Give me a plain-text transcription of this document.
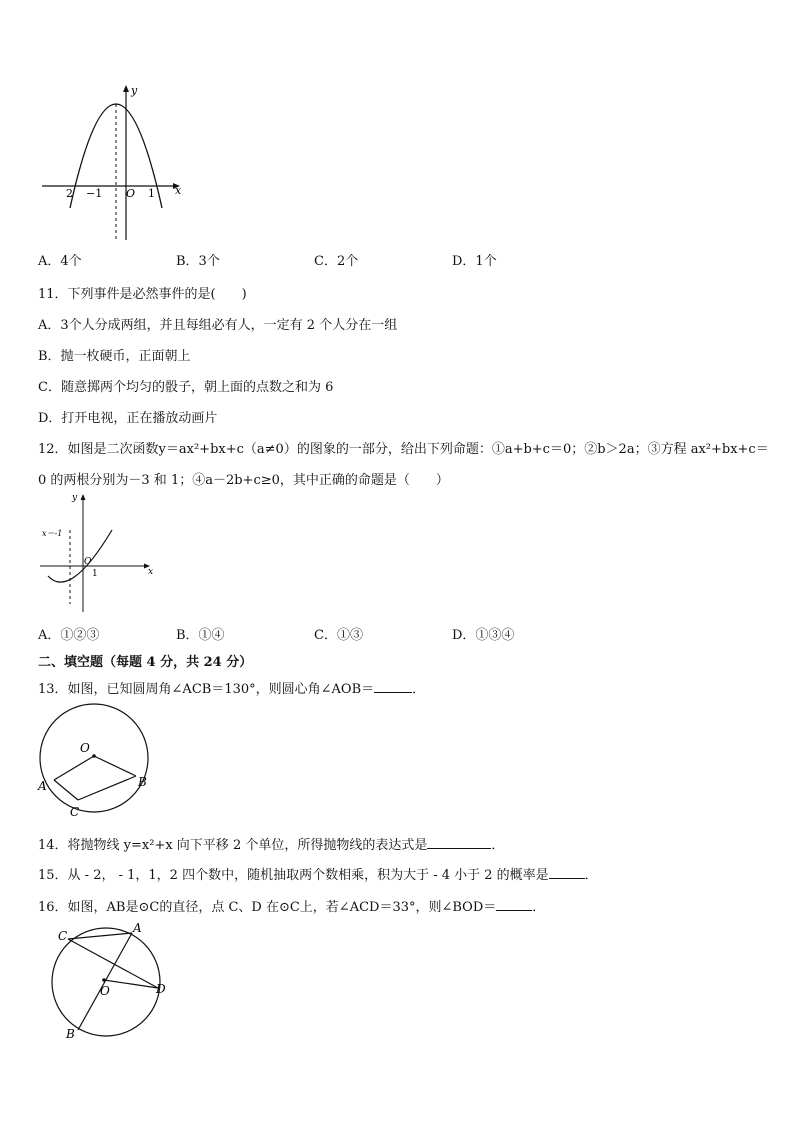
y
x
O
2 −1	1
A．4个	B．3个	C．2个	D．1个
11．下列事件是必然事件的是(　　)
A．3个人分成两组，并且每组必有人，一定有 2 个人分在一组
B．抛一枚硬币，正面朝上
C．随意掷两个均匀的骰子，朝上面的点数之和为 6
D．打开电视，正在播放动画片
12．如图是二次函数y＝ax²+bx+c（a≠0）的图象的一部分，给出下列命题：①a+b+c＝0；②b＞2a；③方程 ax²+bx+c＝
0 的两根分别为－3 和 1；④a－2b+c≥0，其中正确的命题是（　　）
y
x
O
1
x＝-1
A．①②③	B．①④	C．①③	D．①③④
二、填空题（每题 4 分，共 24 分）
13．如图，已知圆周角∠ACB＝130°，则圆心角∠AOB＝	．
O
A	B
C
14．将抛物线 y=x²+x 向下平移 2 个单位，所得抛物线的表达式是	．
15．从 - 2， - 1，1，2 四个数中，随机抽取两个数相乘，积为大于 - 4 小于 2 的概率是	．
16．如图，AB是⊙C的直径，点 C、D 在⊙C上，若∠ACD＝33°，则∠BOD＝	．
C
A
O	D
B
